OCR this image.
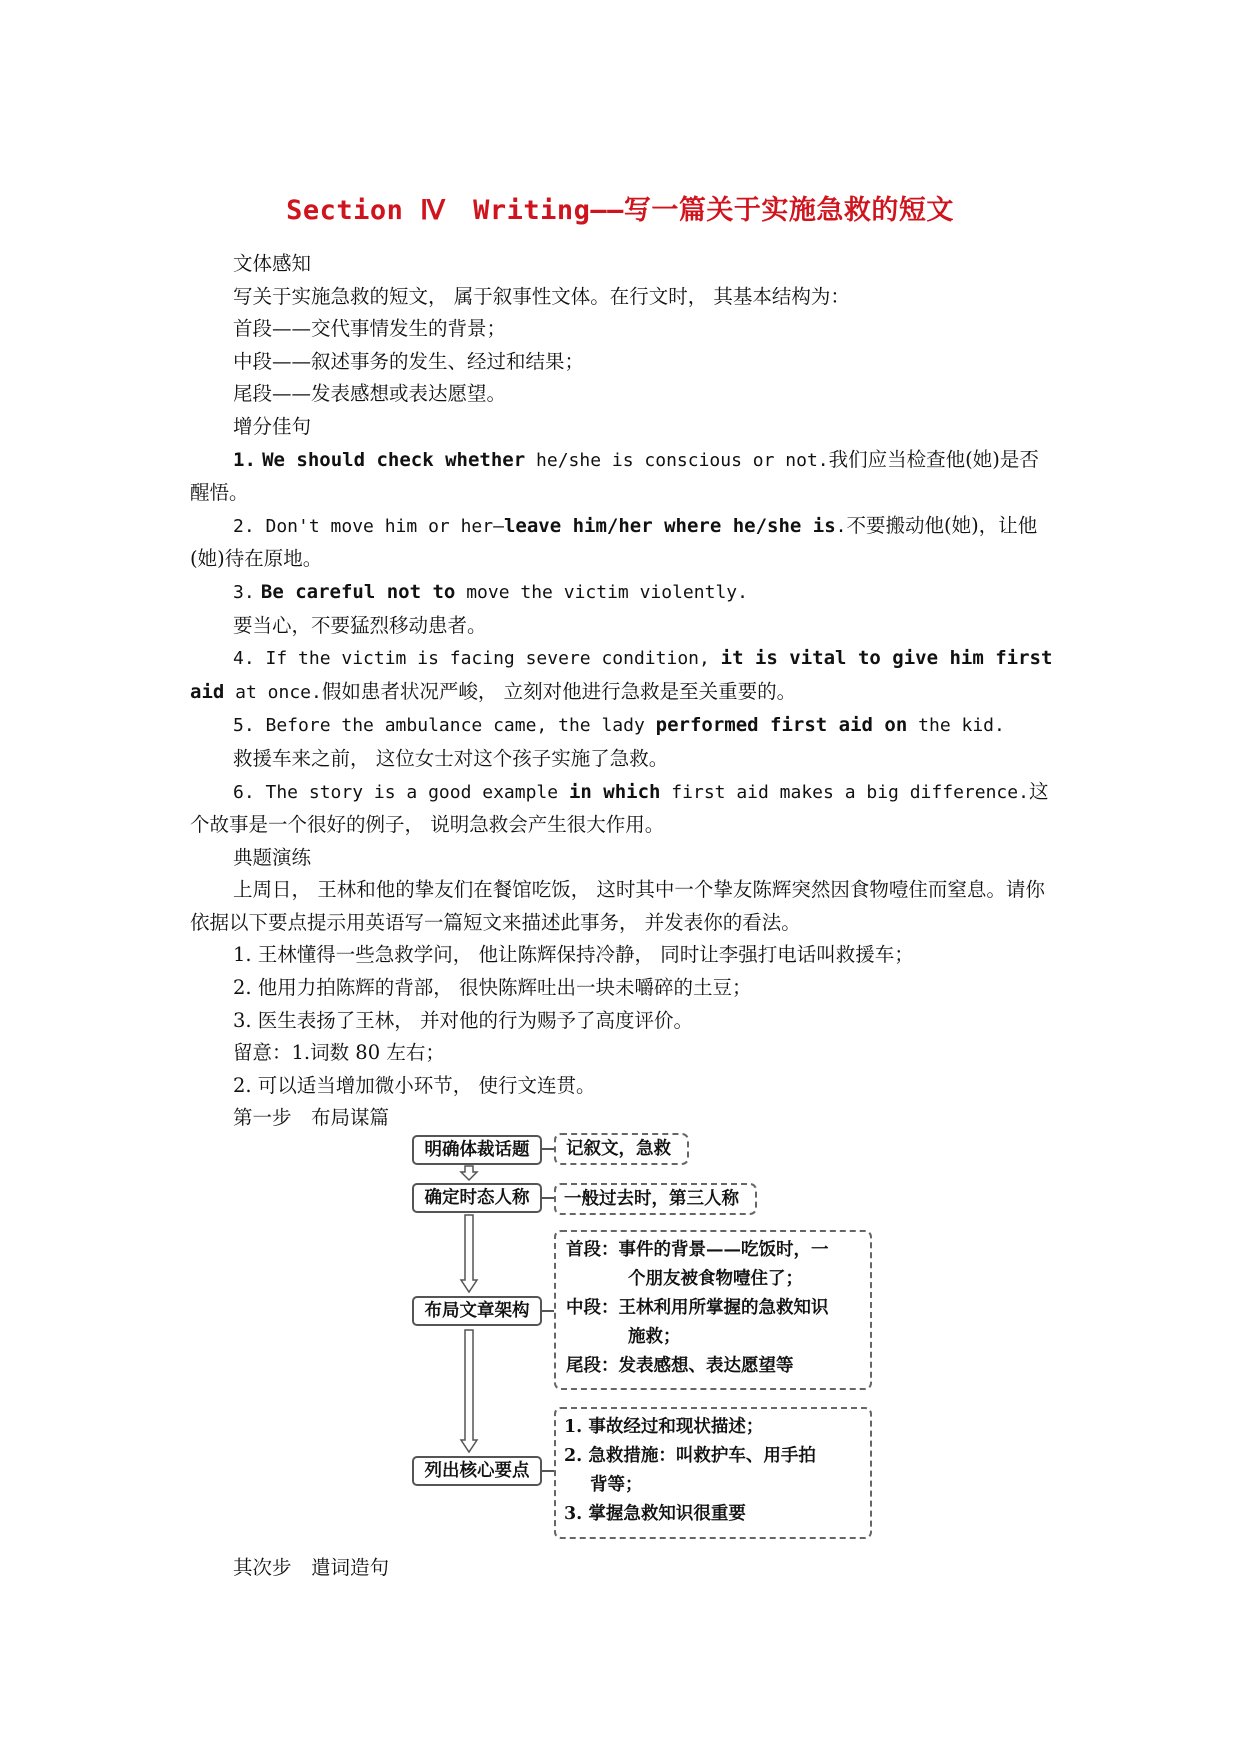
Section Ⅳ　Writing——写一篇关于实施急救的短文

文体感知

写关于实施急救的短文， 属于叙事性文体。在行文时， 其基本结构为：

首段——交代事情发生的背景；

中段——叙述事务的发生、经过和结果；

尾段——发表感想或表达愿望。

增分佳句

1. We should check whether he/she is conscious or not.我们应当检查他(她)是否醒悟。

2. Don't move him or her—leave him/her where he/she is.不要搬动他(她)，让他(她)待在原地。

3. Be careful not to move the victim violently.

要当心，不要猛烈移动患者。

4. If the victim is facing severe condition, it is vital to give him first aid at once.假如患者状况严峻， 立刻对他进行急救是至关重要的。

5. Before the ambulance came, the lady performed first aid on the kid.

救援车来之前， 这位女士对这个孩子实施了急救。

6. The story is a good example in which first aid makes a big difference.这个故事是一个很好的例子， 说明急救会产生很大作用。

典题演练

上周日， 王林和他的挚友们在餐馆吃饭， 这时其中一个挚友陈辉突然因食物噎住而窒息。请你依据以下要点提示用英语写一篇短文来描述此事务， 并发表你的看法。

1. 王林懂得一些急救学问， 他让陈辉保持冷静， 同时让李强打电话叫救援车；

2. 他用力拍陈辉的背部， 很快陈辉吐出一块未嚼碎的土豆；

3. 医生表扬了王林， 并对他的行为赐予了高度评价。

留意：1.词数 80 左右；

2. 可以适当增加微小环节， 使行文连贯。

第一步　布局谋篇

明确体裁话题
确定时态人称
布局文章架构
列出核心要点
记叙文，急救
一般过去时，第三人称
首段：事件的背景——吃饭时，一
个朋友被食物噎住了；
中段：王林利用所掌握的急救知识
施救；
尾段：发表感想、表达愿望等
1. 事故经过和现状描述；
2. 急救措施：叫救护车、用手拍
背等；
3. 掌握急救知识很重要
其次步　遣词造句
